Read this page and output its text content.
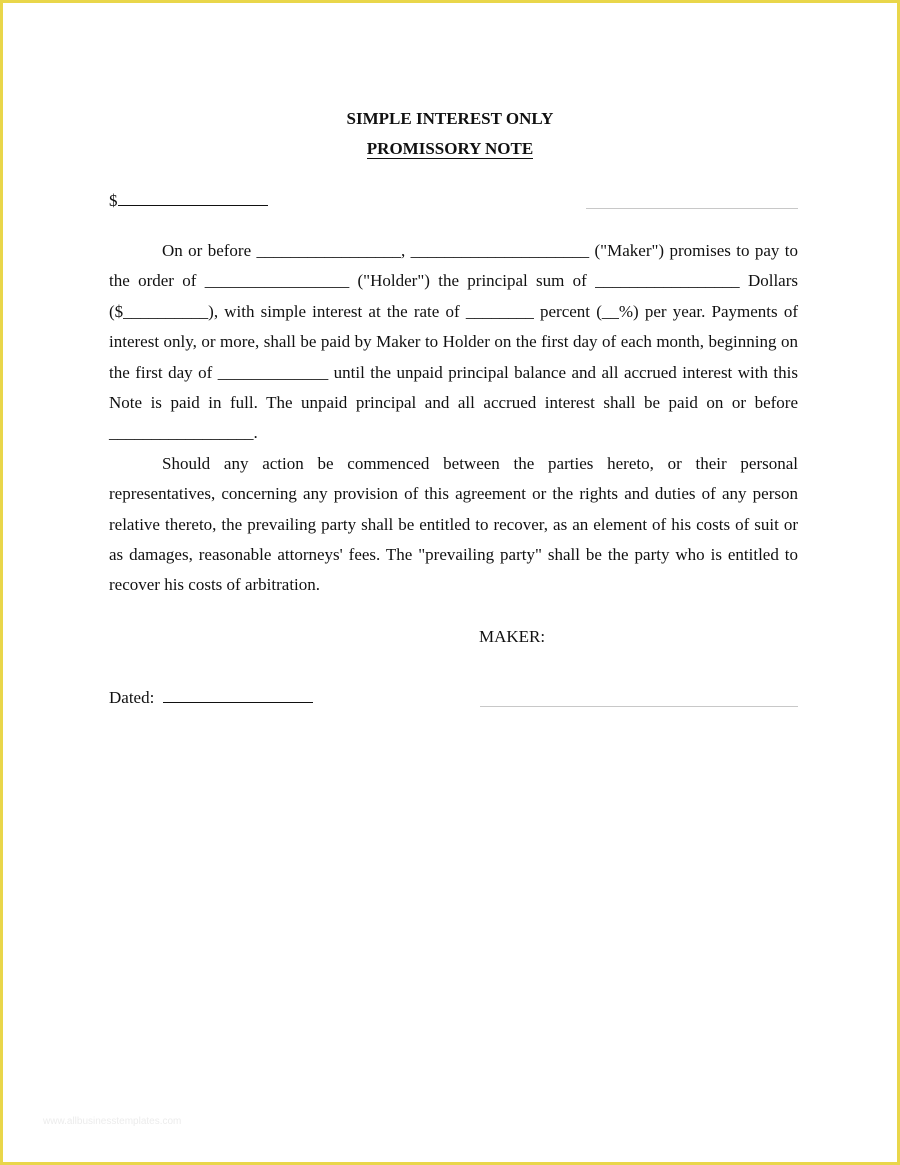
SIMPLE INTEREST ONLY
PROMISSORY NOTE
$

On or before _________________, _____________________ ("Maker") promises to pay to the order of _________________ ("Holder") the principal sum of _________________ Dollars ($__________), with simple interest at the rate of ________ percent (__%) per year. Payments of interest only, or more, shall be paid by Maker to Holder on the first day of each month, beginning on the first day of _____________ until the unpaid principal balance and all accrued interest with this Note is paid in full. The unpaid principal and all accrued interest shall be paid on or before _________________.

Should any action be commenced between the parties hereto, or their personal representatives, concerning any provision of this agreement or the rights and duties of any person relative thereto, the prevailing party shall be entitled to recover, as an element of his costs of suit or as damages, reasonable attorneys' fees. The "prevailing party" shall be the party who is entitled to recover his costs of arbitration.

MAKER:
Dated:
www.allbusinesstemplates.com
